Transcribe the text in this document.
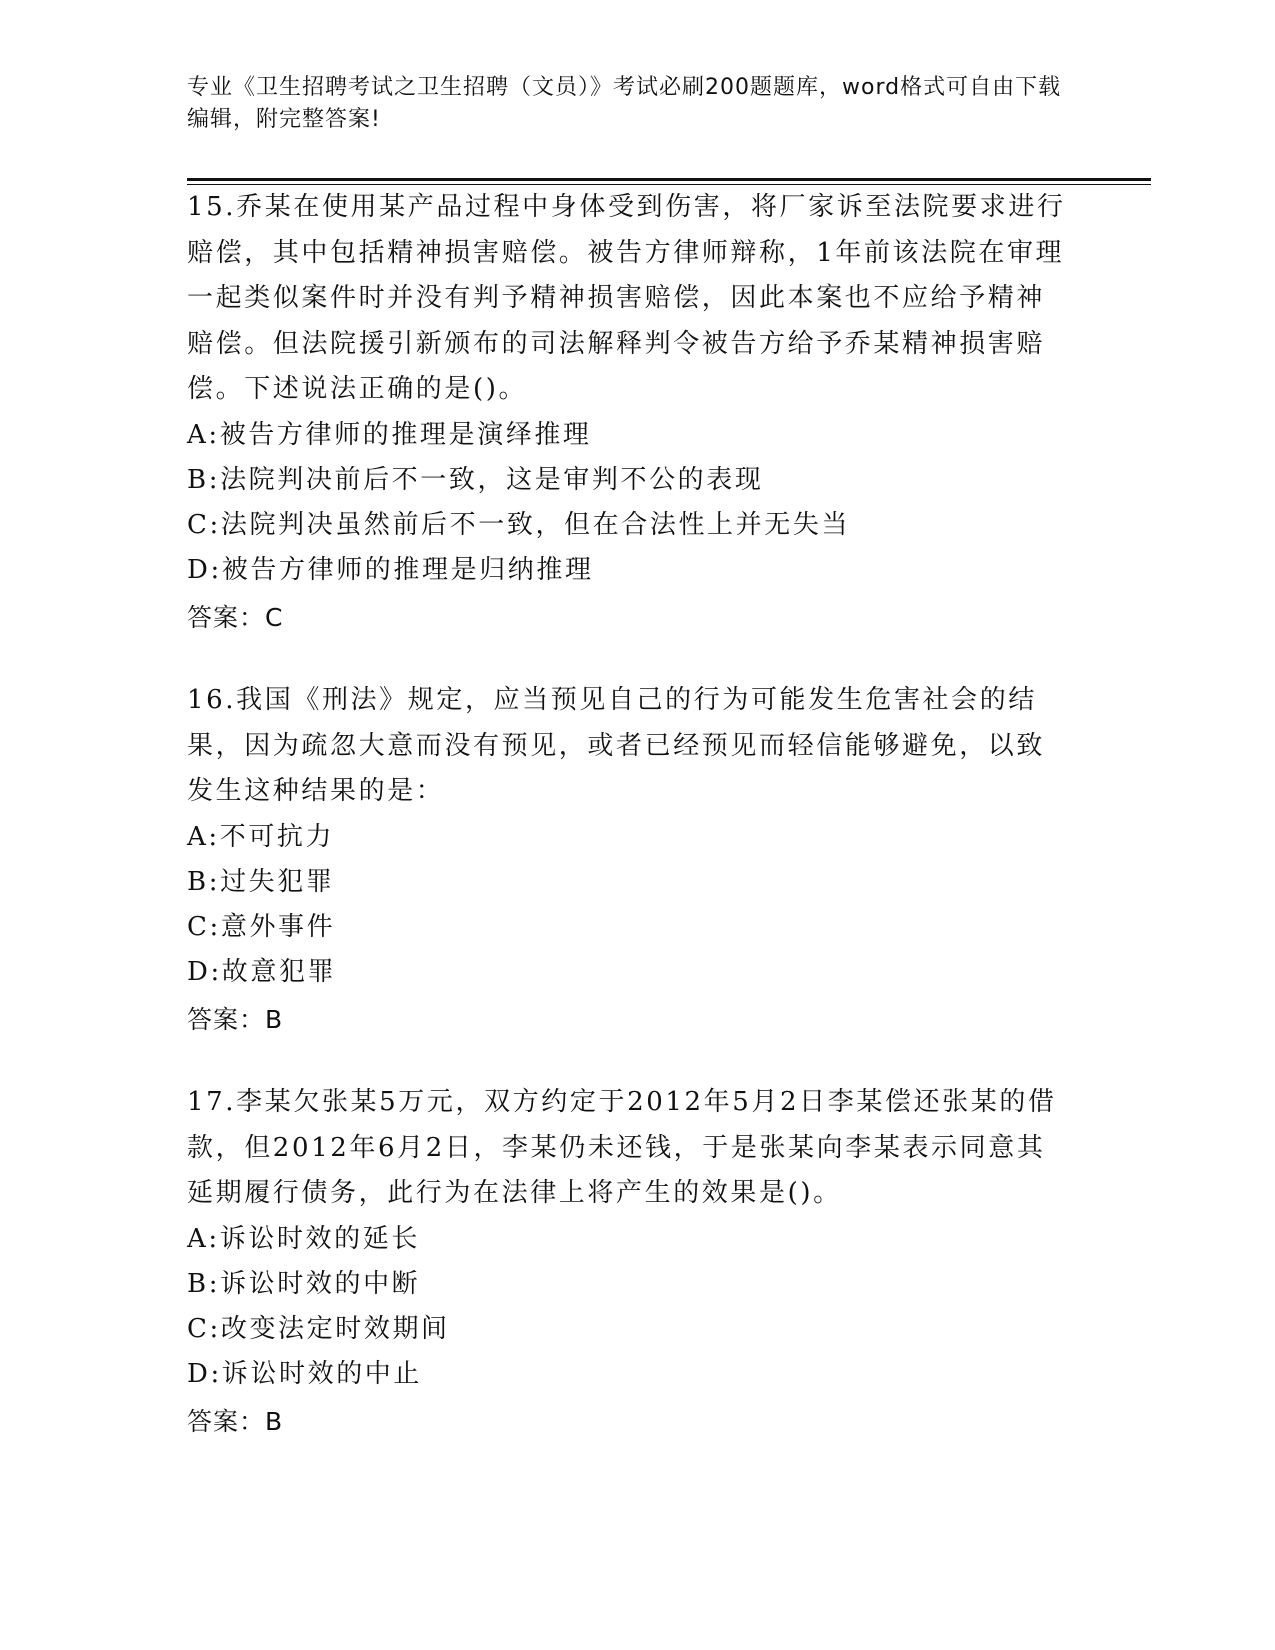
专业《卫生招聘考试之卫生招聘（文员）》考试必刷200题题库，word格式可自由下载编辑，附完整答案!
15.乔某在使用某产品过程中身体受到伤害，将厂家诉至法院要求进行赔偿，其中包括精神损害赔偿。被告方律师辩称，1年前该法院在审理一起类似案件时并没有判予精神损害赔偿，因此本案也不应给予精神赔偿。但法院援引新颁布的司法解释判令被告方给予乔某精神损害赔偿。下述说法正确的是()。
A:被告方律师的推理是演绎推理
B:法院判决前后不一致，这是审判不公的表现
C:法院判决虽然前后不一致，但在合法性上并无失当
D:被告方律师的推理是归纳推理
答案：C
16.我国《刑法》规定，应当预见自己的行为可能发生危害社会的结果，因为疏忽大意而没有预见，或者已经预见而轻信能够避免，以致发生这种结果的是：
A:不可抗力
B:过失犯罪
C:意外事件
D:故意犯罪
答案：B
17.李某欠张某5万元，双方约定于2012年5月2日李某偿还张某的借款，但2012年6月2日，李某仍未还钱，于是张某向李某表示同意其延期履行债务，此行为在法律上将产生的效果是()。
A:诉讼时效的延长
B:诉讼时效的中断
C:改变法定时效期间
D:诉讼时效的中止
答案：B
